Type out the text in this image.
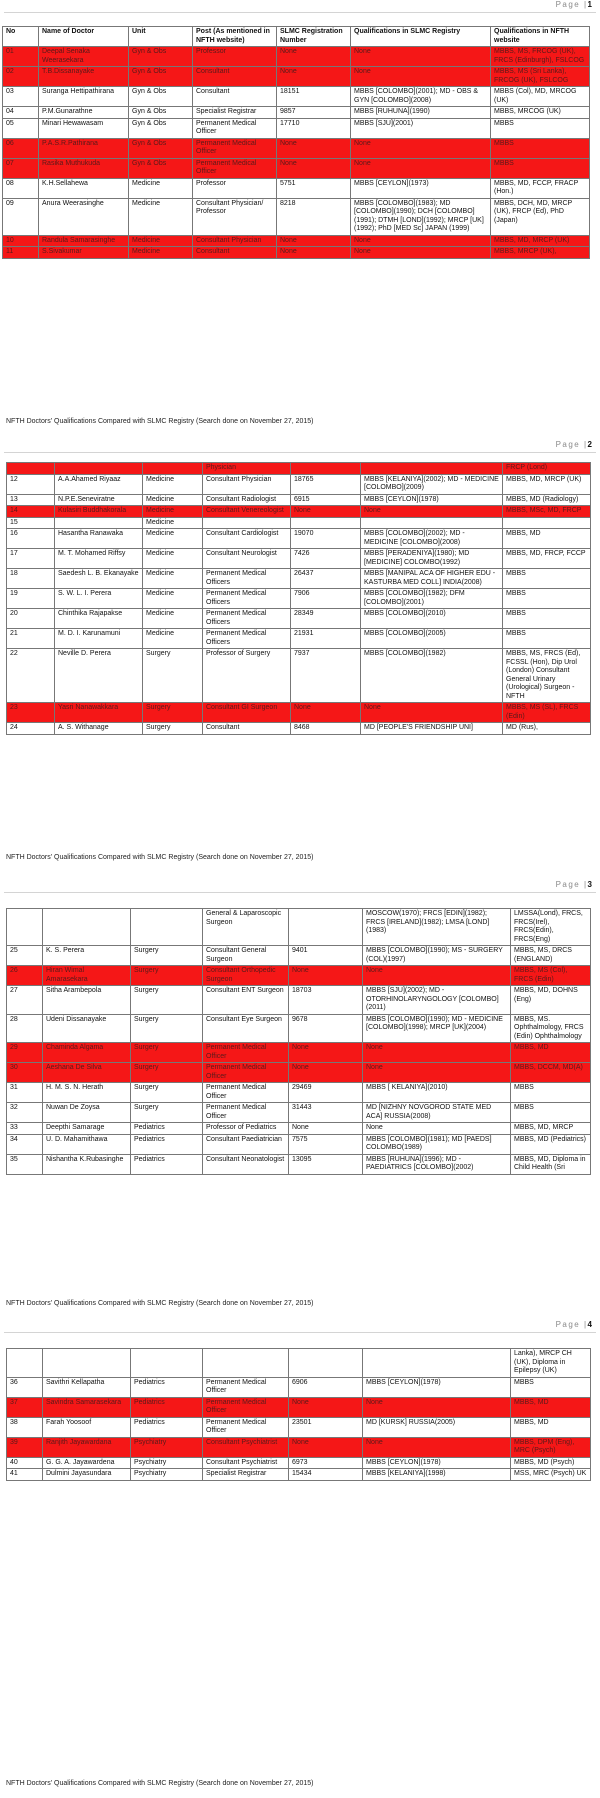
Page |1
No	Name of Doctor	Unit	Post (As mentioned in NFTH website)	SLMC Registration Number	Qualifications in SLMC Registry	Qualifications in NFTH website
01	Deepal Senaka Weerasekara	Gyn & Obs	Professor	None	None	MBBS, MS, FRCOG (UK), FRCS (Edinburgh), FSLCOG
02	T.B.Dissanayake	Gyn & Obs	Consultant	None	None	MBBS, MS (Sri Lanka), FRCOG (UK), FSLCOG
03	Suranga Hettipathirana	Gyn & Obs	Consultant	18151	MBBS [COLOMBO](2001); MD - OBS & GYN [COLOMBO](2008)	MBBS (Col), MD, MRCOG (UK)
04	P.M.Gunarathne	Gyn & Obs	Specialist Registrar	9857	MBBS [RUHUNA](1990)	MBBS, MRCOG (UK)
05	Minari Hewawasam	Gyn & Obs	Permanent Medical Officer	17710	MBBS [SJU](2001)	MBBS
06	P.A.S.R.Pathirana	Gyn & Obs	Permanent Medical Officer	None	None	MBBS
07	Rasika Muthukuda	Gyn & Obs	Permanent Medical Officer	None	None	MBBS
08	K.H.Sellahewa	Medicine	Professor	5751	MBBS [CEYLON](1973)	MBBS, MD, FCCP, FRACP (Hon.)
09	Anura Weerasinghe	Medicine	Consultant Physician/ Professor	8218	MBBS [COLOMBO](1983); MD [COLOMBO](1990); DCH [COLOMBO](1991); DTMH [LOND](1992); MRCP [UK](1992); PhD [MED Sc] JAPAN (1999)	MBBS, DCH, MD, MRCP (UK), FRCP (Ed), PhD (Japan)
10	Randula Samarasinghe	Medicine	Consultant Physician	None	None	MBBS, MD, MRCP (UK)
11	S.Sivakumar	Medicine	Consultant	None	None	MBBS, MRCP (UK),
NFTH Doctors' Qualifications Compared with SLMC Registry (Search done on November 27, 2015)
Page |2
			Physician			FRCP (Lond)
12	A.A.Ahamed Riyaaz	Medicine	Consultant Physician	18765	MBBS [KELANIYA](2002); MD - MEDICINE [COLOMBO](2009)	MBBS, MD, MRCP (UK)
13	N.P.E.Seneviratne	Medicine	Consultant Radiologist	6915	MBBS [CEYLON](1978)	MBBS, MD (Radiology)
14	Kulasiri Buddhakorala	Medicine	Consultant Venereologist	None	None	MBBS, MSc, MD, FRCP
15		Medicine				
16	Hasantha Ranawaka	Medicine	Consultant Cardiologist	19070	MBBS [COLOMBO](2002); MD - MEDICINE [COLOMBO](2008)	MBBS, MD
17	M. T. Mohamed Riffsy	Medicine	Consultant Neurologist	7426	MBBS [PERADENIYA](1980); MD [MEDICINE] COLOMBO(1992)	MBBS, MD, FRCP, FCCP
18	Saedesh L. B. Ekanayake	Medicine	Permanent Medical Officers	26437	MBBS [MANIPAL ACA OF HIGHER EDU - KASTURBA MED COLL] INDIA(2008)	MBBS
19	S. W. L. I. Perera	Medicine	Permanent Medical Officers	7906	MBBS [COLOMBO](1982); DFM [COLOMBO](2001)	MBBS
20	Chinthika Rajapakse	Medicine	Permanent Medical Officers	28349	MBBS [COLOMBO](2010)	MBBS
21	M. D. I. Karunamuni	Medicine	Permanent Medical Officers	21931	MBBS [COLOMBO](2005)	MBBS
22	Neville D. Perera	Surgery	Professor of Surgery	7937	MBBS [COLOMBO](1982)	MBBS, MS, FRCS (Ed), FCSSL (Hon), Dip Urol (London) Consultant General Urinary (Urological) Surgeon - NFTH
23	Yasri Nanawakkara	Surgery	Consultant GI Surgeon	None	None	MBBS, MS (SL), FRCS (Edin)
24	A. S. Withanage	Surgery	Consultant	8468	MD [PEOPLE'S FRIENDSHIP UNI]	MD (Rus),
NFTH Doctors' Qualifications Compared with SLMC Registry (Search done on November 27, 2015)
Page |3
			General & Laparoscopic Surgeon		MOSCOW(1970); FRCS [EDIN](1982); FRCS [IRELAND](1982); LMSA [LOND](1983)	LMSSA(Lond), FRCS, FRCS(Irel), FRCS(Edin), FRCS(Eng)
25	K. S. Perera	Surgery	Consultant General Surgeon	9401	MBBS [COLOMBO](1990); MS - SURGERY (COL)(1997)	MBBS, MS, DRCS (ENGLAND)
26	Hiran Wimal Amarasekara	Surgery	Consultant Orthopedic Surgeon	None	None	MBBS, MS (Col), FRCS (Edin)
27	Sitha Arambepola	Surgery	Consultant ENT Surgeon	18703	MBBS [SJU](2002); MD - OTORHINOLARYNGOLOGY [COLOMBO](2011)	MBBS, MD, DOHNS (Eng)
28	Udeni Dissanayake	Surgery	Consultant Eye Surgeon	9678	MBBS [COLOMBO](1990); MD - MEDICINE [COLOMBO](1998); MRCP [UK](2004)	MBBS, MS. Ophthalmology, FRCS (Edin) Ophthalmology
29	Chaminda Algama	Surgery	Permanent Medical Officer	None	None	MBBS, MD
30	Aeshana De Silva	Surgery	Permanent Medical Officer	None	None	MBBS, DCCM, MD(A)
31	H. M. S. N. Herath	Surgery	Permanent Medical Officer	29469	MBBS [ KELANIYA](2010)	MBBS
32	Nuwan De Zoysa	Surgery	Permanent Medical Officer	31443	MD [NIZHNY NOVGOROD STATE MED ACA] RUSSIA(2008)	MBBS
33	Deepthi Samarage	Pediatrics	Professor of Pediatrics	None	None	MBBS, MD, MRCP
34	U. D. Mahamithawa	Pediatrics	Consultant Paediatrician	7575	MBBS [COLOMBO](1981); MD [PAEDS] COLOMBO(1989)	MBBS, MD (Pediatrics)
35	Nishantha K.Rubasinghe	Pediatrics	Consultant Neonatologist	13095	MBBS [RUHUNA](1996); MD - PAEDIATRICS [COLOMBO](2002)	MBBS, MD, Diploma in Child Health (Sri
NFTH Doctors' Qualifications Compared with SLMC Registry (Search done on November 27, 2015)
Page |4
						Lanka), MRCP CH (UK), Diploma in Epilepsy (UK)
36	Savithri Kellapatha	Pediatrics	Permanent Medical Officer	6906	MBBS [CEYLON](1978)	MBBS
37	Savindra Samarasekara	Pediatrics	Permanent Medical Officer	None	None	MBBS, MD
38	Farah Yoosoof	Pediatrics	Permanent Medical Officer	23501	MD [KURSK] RUSSIA(2005)	MBBS, MD
39	Ranjith Jayawardana	Psychiatry	Consultant Psychiatrist	None	None	MBBS, DPM (Eng), MRC (Psych)
40	G. G. A. Jayawardena	Psychiatry	Consultant Psychiatrist	6973	MBBS [CEYLON](1978)	MBBS, MD (Psych)
41	Dulmini Jayasundara	Psychiatry	Specialist Registrar	15434	MBBS [KELANIYA](1998)	MSS, MRC (Psych) UK
NFTH Doctors' Qualifications Compared with SLMC Registry (Search done on November 27, 2015)
